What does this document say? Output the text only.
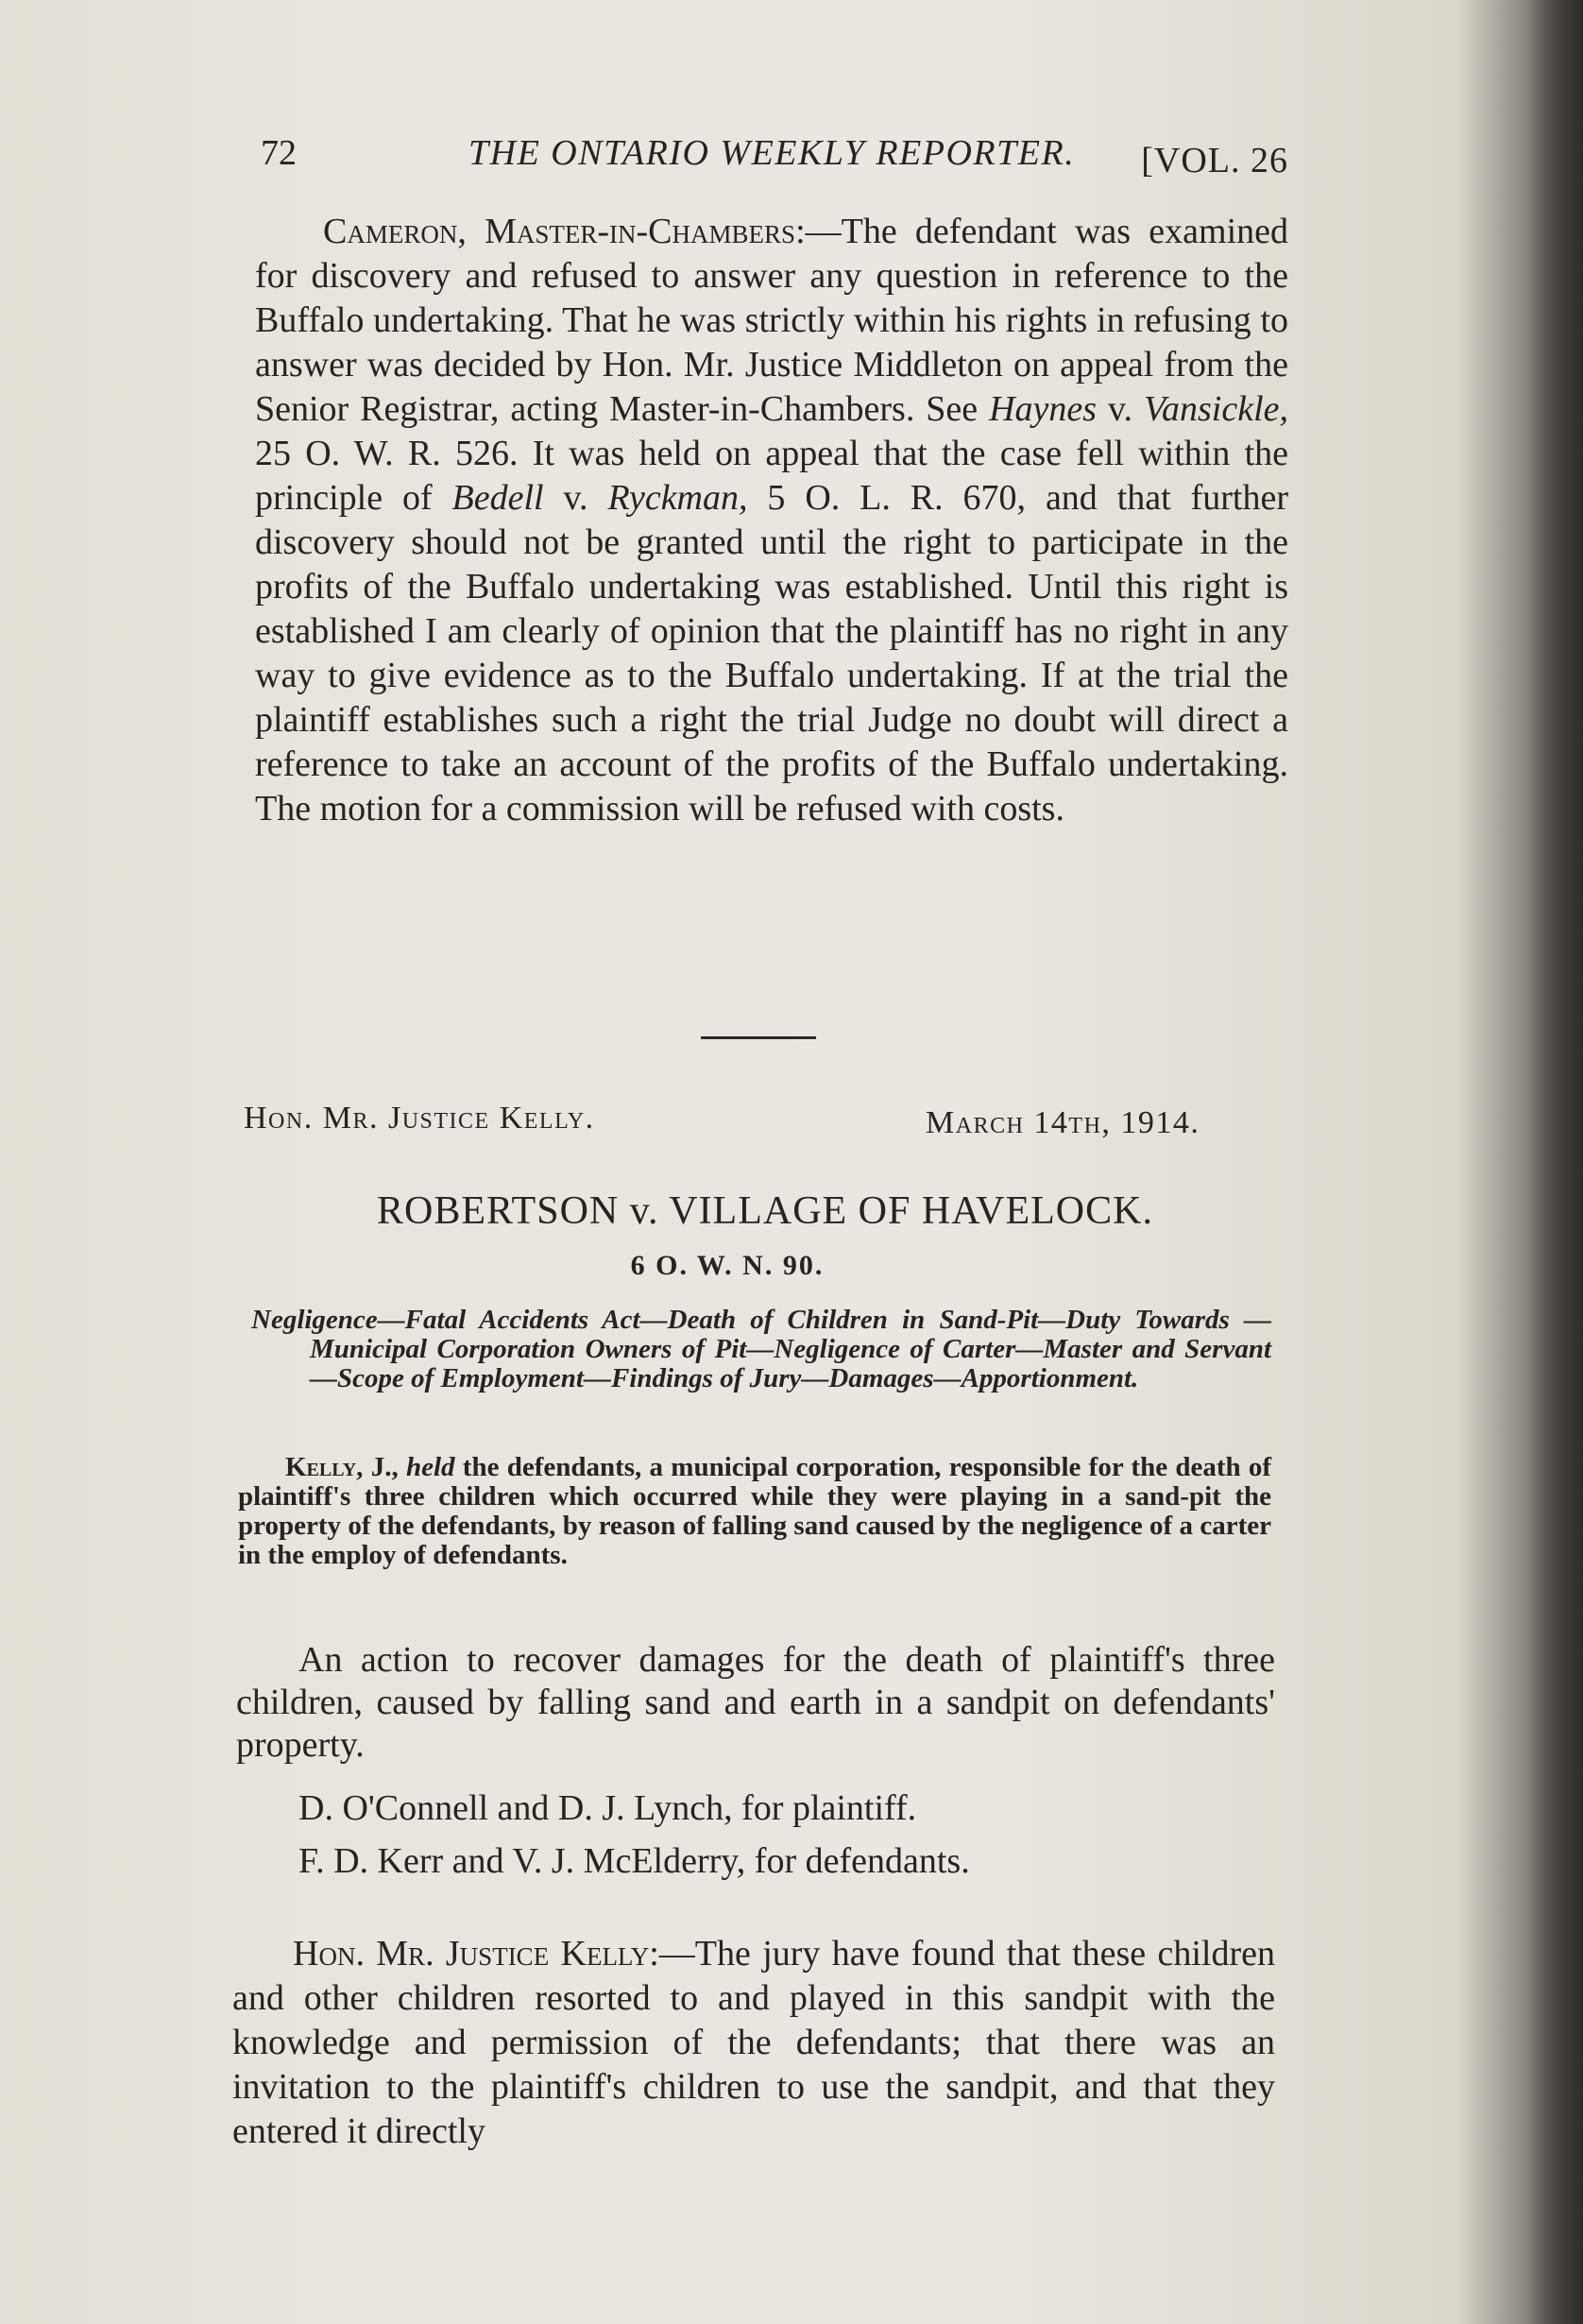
72	THE ONTARIO WEEKLY REPORTER. [VOL. 26

Cameron, Master-in-Chambers:—The defendant was examined for discovery and refused to answer any question in reference to the Buffalo undertaking. That he was strictly within his rights in refusing to answer was decided by Hon. Mr. Justice Middleton on appeal from the Senior Registrar, acting Master-in-Chambers. See Haynes v. Vansickle, 25 O. W. R. 526. It was held on appeal that the case fell within the principle of Bedell v. Ryckman, 5 O. L. R. 670, and that further discovery should not be granted until the right to participate in the profits of the Buffalo undertaking was established. Until this right is established I am clearly of opinion that the plaintiff has no right in any way to give evidence as to the Buffalo undertaking. If at the trial the plaintiff establishes such a right the trial Judge no doubt will direct a reference to take an account of the profits of the Buffalo undertaking. The motion for a commission will be refused with costs.

Hon. Mr. Justice Kelly.	March 14th, 1914.
ROBERTSON v. VILLAGE OF HAVELOCK.
6 O. W. N. 90.
Negligence—Fatal Accidents Act—Death of Children in Sand-Pit—Duty Towards — Municipal Corporation Owners of Pit—Negligence of Carter—Master and Servant—Scope of Employment—Findings of Jury—Damages—Apportionment.
Kelly, J., held the defendants, a municipal corporation, responsible for the death of plaintiff's three children which occurred while they were playing in a sand-pit the property of the defendants, by reason of falling sand caused by the negligence of a carter in the employ of defendants.
An action to recover damages for the death of plaintiff's three children, caused by falling sand and earth in a sandpit on defendants' property.
D. O'Connell and D. J. Lynch, for plaintiff.
F. D. Kerr and V. J. McElderry, for defendants.
Hon. Mr. Justice Kelly:—The jury have found that these children and other children resorted to and played in this sandpit with the knowledge and permission of the defendants; that there was an invitation to the plaintiff's children to use the sandpit, and that they entered it directly
